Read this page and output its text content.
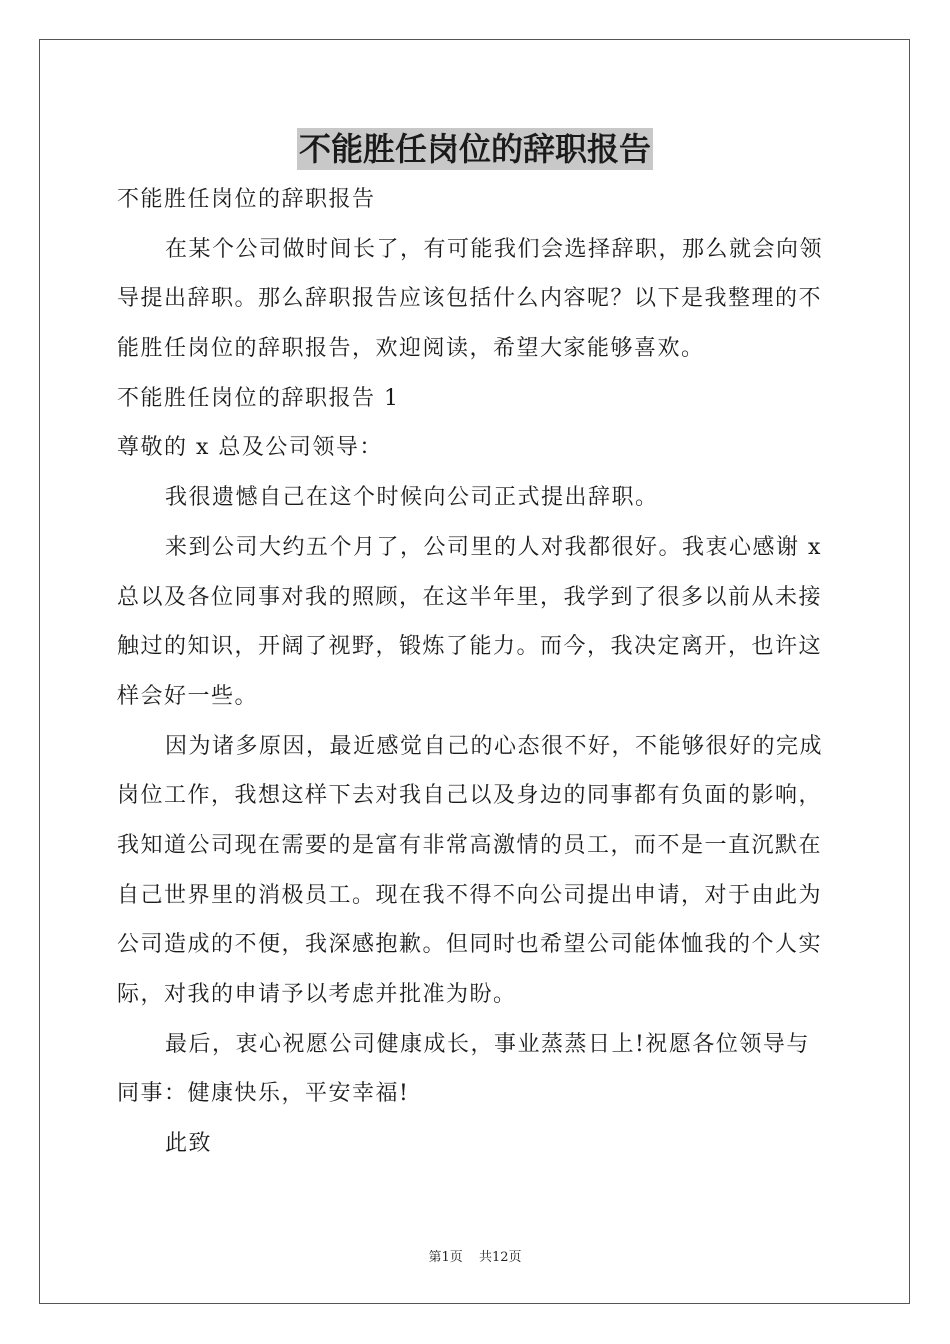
不能胜任岗位的辞职报告
不能胜任岗位的辞职报告
在某个公司做时间长了，有可能我们会选择辞职，那么就会向领
导提出辞职。那么辞职报告应该包括什么内容呢？以下是我整理的不
能胜任岗位的辞职报告，欢迎阅读，希望大家能够喜欢。
不能胜任岗位的辞职报告 1
尊敬的 x 总及公司领导：
我很遗憾自己在这个时候向公司正式提出辞职。
来到公司大约五个月了，公司里的人对我都很好。我衷心感谢 x
总以及各位同事对我的照顾，在这半年里，我学到了很多以前从未接
触过的知识，开阔了视野，锻炼了能力。而今，我决定离开，也许这
样会好一些。
因为诸多原因，最近感觉自己的心态很不好，不能够很好的完成
岗位工作，我想这样下去对我自己以及身边的同事都有负面的影响，
我知道公司现在需要的是富有非常高激情的员工，而不是一直沉默在
自己世界里的消极员工。现在我不得不向公司提出申请，对于由此为
公司造成的不便，我深感抱歉。但同时也希望公司能体恤我的个人实
际，对我的申请予以考虑并批准为盼。
最后，衷心祝愿公司健康成长，事业蒸蒸日上!祝愿各位领导与
同事：健康快乐，平安幸福!
此致
第1页 共12页
